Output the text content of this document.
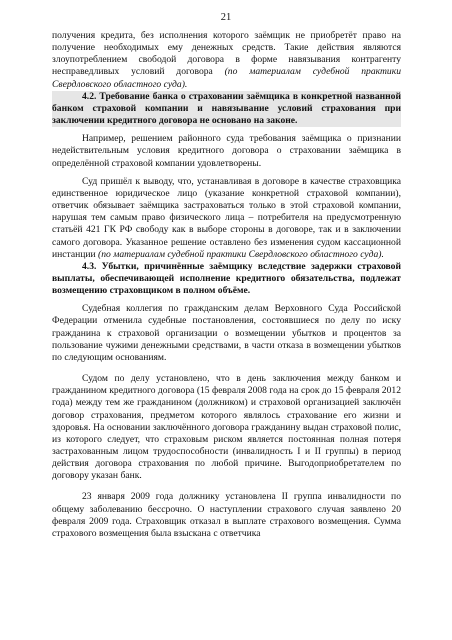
21

получения кредита, без исполнения которого заёмщик не приобретёт право на получение необходимых ему денежных средств. Такие действия являются злоупотреблением свободой договора в форме навязывания контрагенту несправедливых условий договора (по материалам судебной практики Свердловского областного суда).

4.2. Требование банка о страховании заёмщика в конкретной названной банком страховой компании и навязывание условий страхования при заключении кредитного договора не основано на законе.

Например, решением районного суда требования заёмщика о признании недействительным условия кредитного договора о страховании заёмщика в определённой страховой компании удовлетворены.

Суд пришёл к выводу, что, устанавливая в договоре в качестве страховщика единственное юридическое лицо (указание конкретной страховой компании), ответчик обязывает заёмщика застраховаться только в этой страховой компании, нарушая тем самым право физического лица – потребителя на предусмотренную статьёй 421 ГК РФ свободу как в выборе стороны в договоре, так и в заключении самого договора. Указанное решение оставлено без изменения судом кассационной инстанции (по материалам судебной практики Свердловского областного суда).

4.3. Убытки, причинённые заёмщику вследствие задержки страховой выплаты, обеспечивающей исполнение кредитного обязательства, подлежат возмещению страховщиком в полном объёме.

Судебная коллегия по гражданским делам Верховного Суда Российской Федерации отменила судебные постановления, состоявшиеся по делу по иску гражданина к страховой организации о возмещении убытков и процентов за пользование чужими денежными средствами, в части отказа в возмещении убытков по следующим основаниям.

Судом по делу установлено, что в день заключения между банком и гражданином кредитного договора (15 февраля 2008 года на срок до 15 февраля 2012 года) между тем же гражданином (должником) и страховой организацией заключён договор страхования, предметом которого являлось страхование его жизни и здоровья. На основании заключённого договора гражданину выдан страховой полис, из которого следует, что страховым риском является постоянная полная потеря застрахованным лицом трудоспособности (инвалидность I и II группы) в период действия договора страхования по любой причине. Выгодоприобретателем по договору указан банк.

23 января 2009 года должнику установлена II группа инвалидности по общему заболеванию бессрочно. О наступлении страхового случая заявлено 20 февраля 2009 года. Страховщик отказал в выплате страхового возмещения. Сумма страхового возмещения была взыскана с ответчика
